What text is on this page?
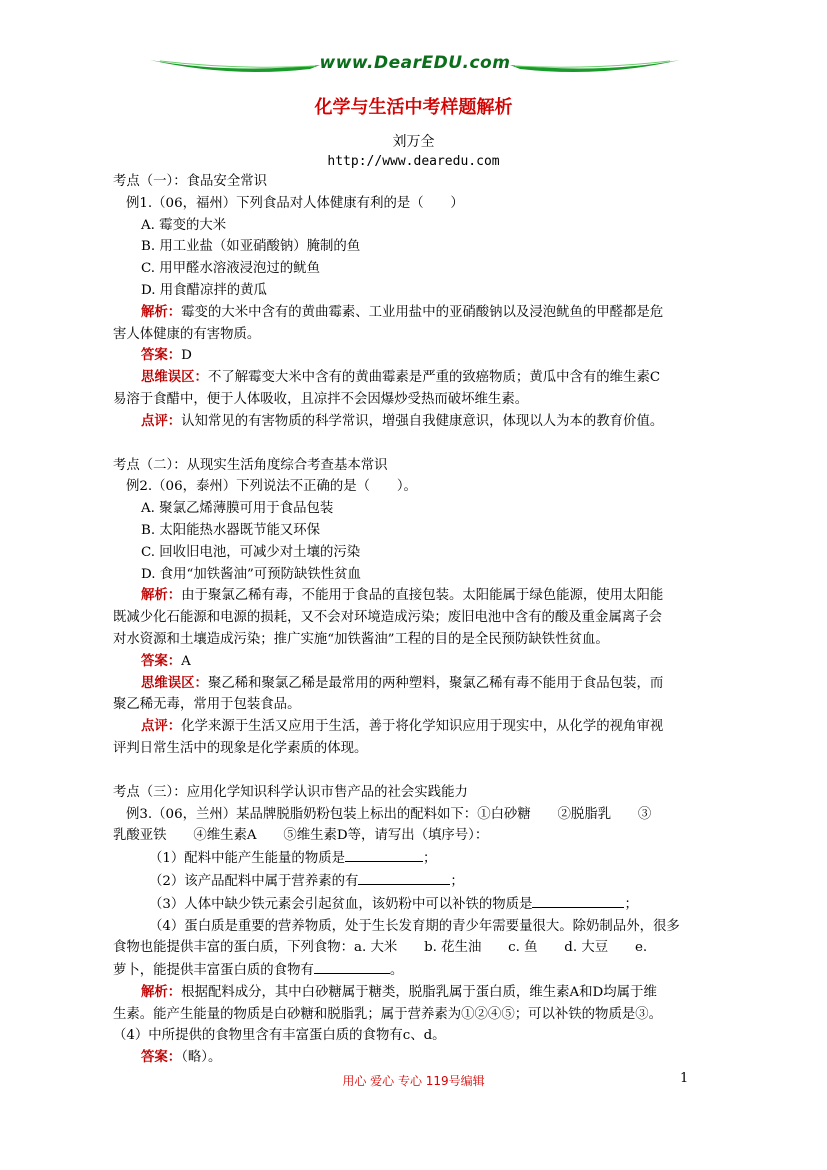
www.DearEDU.com
化学与生活中考样题解析
刘万全
http://www.dearedu.com

考点（一）：食品安全常识

例1.（06，福州）下列食品对人体健康有利的是（　　）

A. 霉变的大米

B. 用工业盐（如亚硝酸钠）腌制的鱼

C. 用甲醛水溶液浸泡过的鱿鱼

D. 用食醋凉拌的黄瓜

解析：霉变的大米中含有的黄曲霉素、工业用盐中的亚硝酸钠以及浸泡鱿鱼的甲醛都是危

害人体健康的有害物质。

答案：D

思维误区：不了解霉变大米中含有的黄曲霉素是严重的致癌物质；黄瓜中含有的维生素C

易溶于食醋中，便于人体吸收，且凉拌不会因爆炒受热而破坏维生素。

点评：认知常见的有害物质的科学常识，增强自我健康意识，体现以人为本的教育价值。

考点（二）：从现实生活角度综合考查基本常识

例2.（06，泰州）下列说法不正确的是（　　）。

A. 聚氯乙烯薄膜可用于食品包装

B. 太阳能热水器既节能又环保

C. 回收旧电池，可减少对土壤的污染

D. 食用“加铁酱油”可预防缺铁性贫血

解析：由于聚氯乙稀有毒，不能用于食品的直接包装。太阳能属于绿色能源，使用太阳能

既减少化石能源和电源的损耗，又不会对环境造成污染；废旧电池中含有的酸及重金属离子会

对水资源和土壤造成污染；推广实施“加铁酱油”工程的目的是全民预防缺铁性贫血。

答案：A

思维误区：聚乙稀和聚氯乙稀是最常用的两种塑料，聚氯乙稀有毒不能用于食品包装，而

聚乙稀无毒，常用于包装食品。

点评：化学来源于生活又应用于生活，善于将化学知识应用于现实中，从化学的视角审视

评判日常生活中的现象是化学素质的体现。

考点（三）：应用化学知识科学认识市售产品的社会实践能力

例3.（06，兰州）某品牌脱脂奶粉包装上标出的配料如下：①白砂糖　　②脱脂乳　　③

乳酸亚铁　　④维生素A　　⑤维生素D等，请写出（填序号）：

（1）配料中能产生能量的物质是	；

（2）该产品配料中属于营养素的有	；

（3）人体中缺少铁元素会引起贫血，该奶粉中可以补铁的物质是	；

（4）蛋白质是重要的营养物质，处于生长发育期的青少年需要量很大。除奶制品外，很多

食物也能提供丰富的蛋白质，下列食物：a. 大米　　b. 花生油　　c. 鱼　　d. 大豆　　e.

萝卜，能提供丰富蛋白质的食物有	。

解析：根据配料成分，其中白砂糖属于糖类，脱脂乳属于蛋白质，维生素A和D均属于维

生素。能产生能量的物质是白砂糖和脱脂乳；属于营养素为①②④⑤；可以补铁的物质是③。

（4）中所提供的食物里含有丰富蛋白质的食物有c、d。

答案：（略）。

用心 爱心 专心 119号编辑	1
